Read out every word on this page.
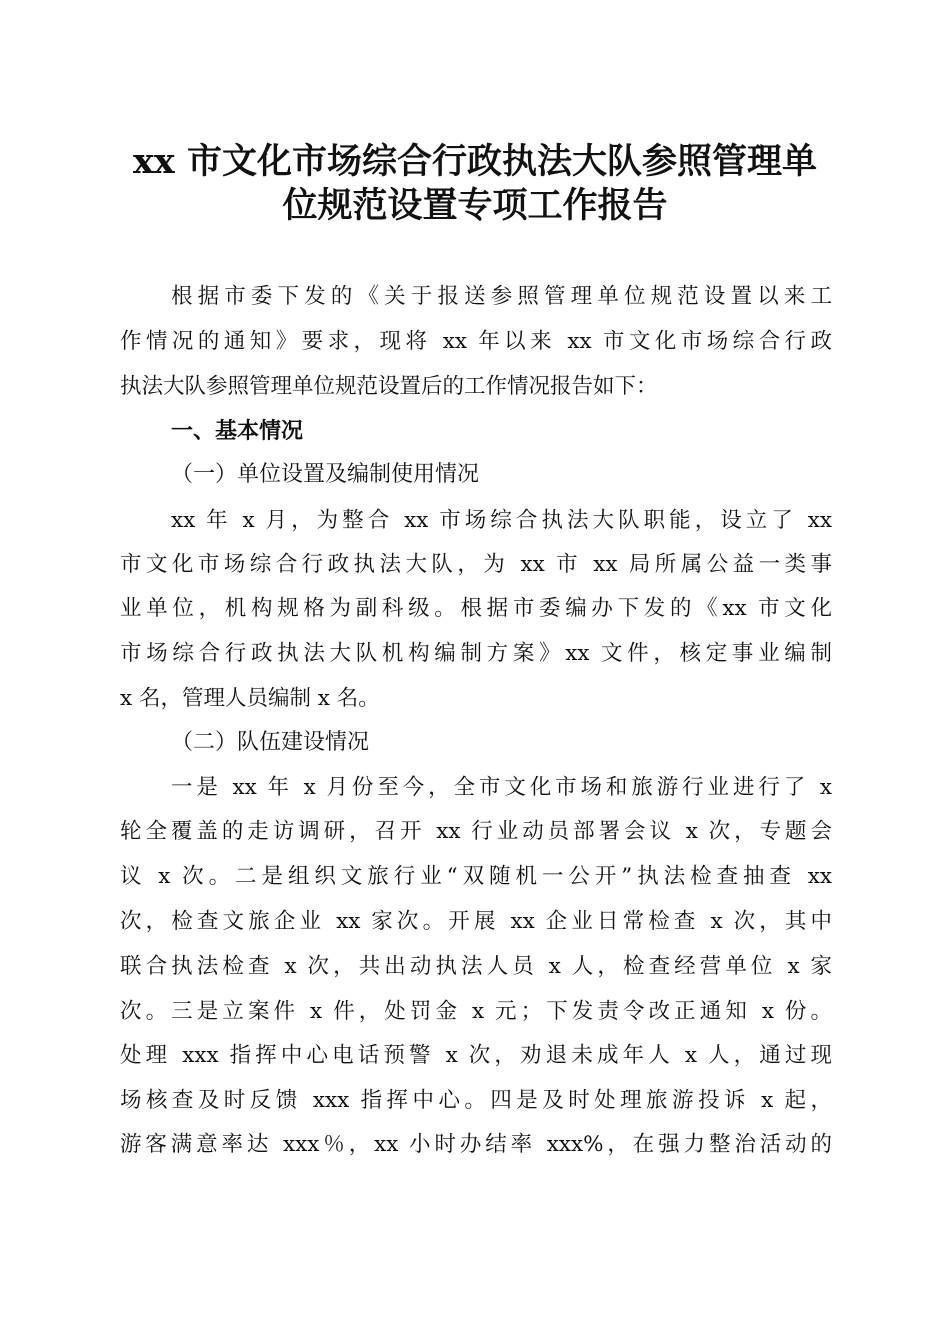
xx 市文化市场综合行政执法大队参照管理单
位规范设置专项工作报告

根据市委下发的《关于报送参照管理单位规范设置以来工

作情况的通知》要求，现将 xx 年以来 xx 市文化市场综合行政

执法大队参照管理单位规范设置后的工作情况报告如下：

一、基本情况

（一）单位设置及编制使用情况

xx 年 x 月，为整合 xx 市场综合执法大队职能，设立了 xx

市文化市场综合行政执法大队，为 xx 市 xx 局所属公益一类事

业单位，机构规格为副科级。根据市委编办下发的《xx 市文化

市场综合行政执法大队机构编制方案》xx 文件，核定事业编制

x 名，管理人员编制 x 名。

（二）队伍建设情况

一是 xx 年 x 月份至今，全市文化市场和旅游行业进行了 x

轮全覆盖的走访调研，召开 xx 行业动员部署会议 x 次，专题会

议 x 次。二是组织文旅行业“双随机一公开”执法检查抽查 xx

次，检查文旅企业 xx 家次。开展 xx 企业日常检查 x 次，其中

联合执法检查 x 次，共出动执法人员 x 人，检查经营单位 x 家

次。三是立案件 x 件，处罚金 x 元；下发责令改正通知 x 份。

处理 xxx 指挥中心电话预警 x 次，劝退未成年人 x 人，通过现

场核查及时反馈 xxx 指挥中心。四是及时处理旅游投诉 x 起，

游客满意率达 xxx％，xx 小时办结率 xxx%，在强力整治活动的
